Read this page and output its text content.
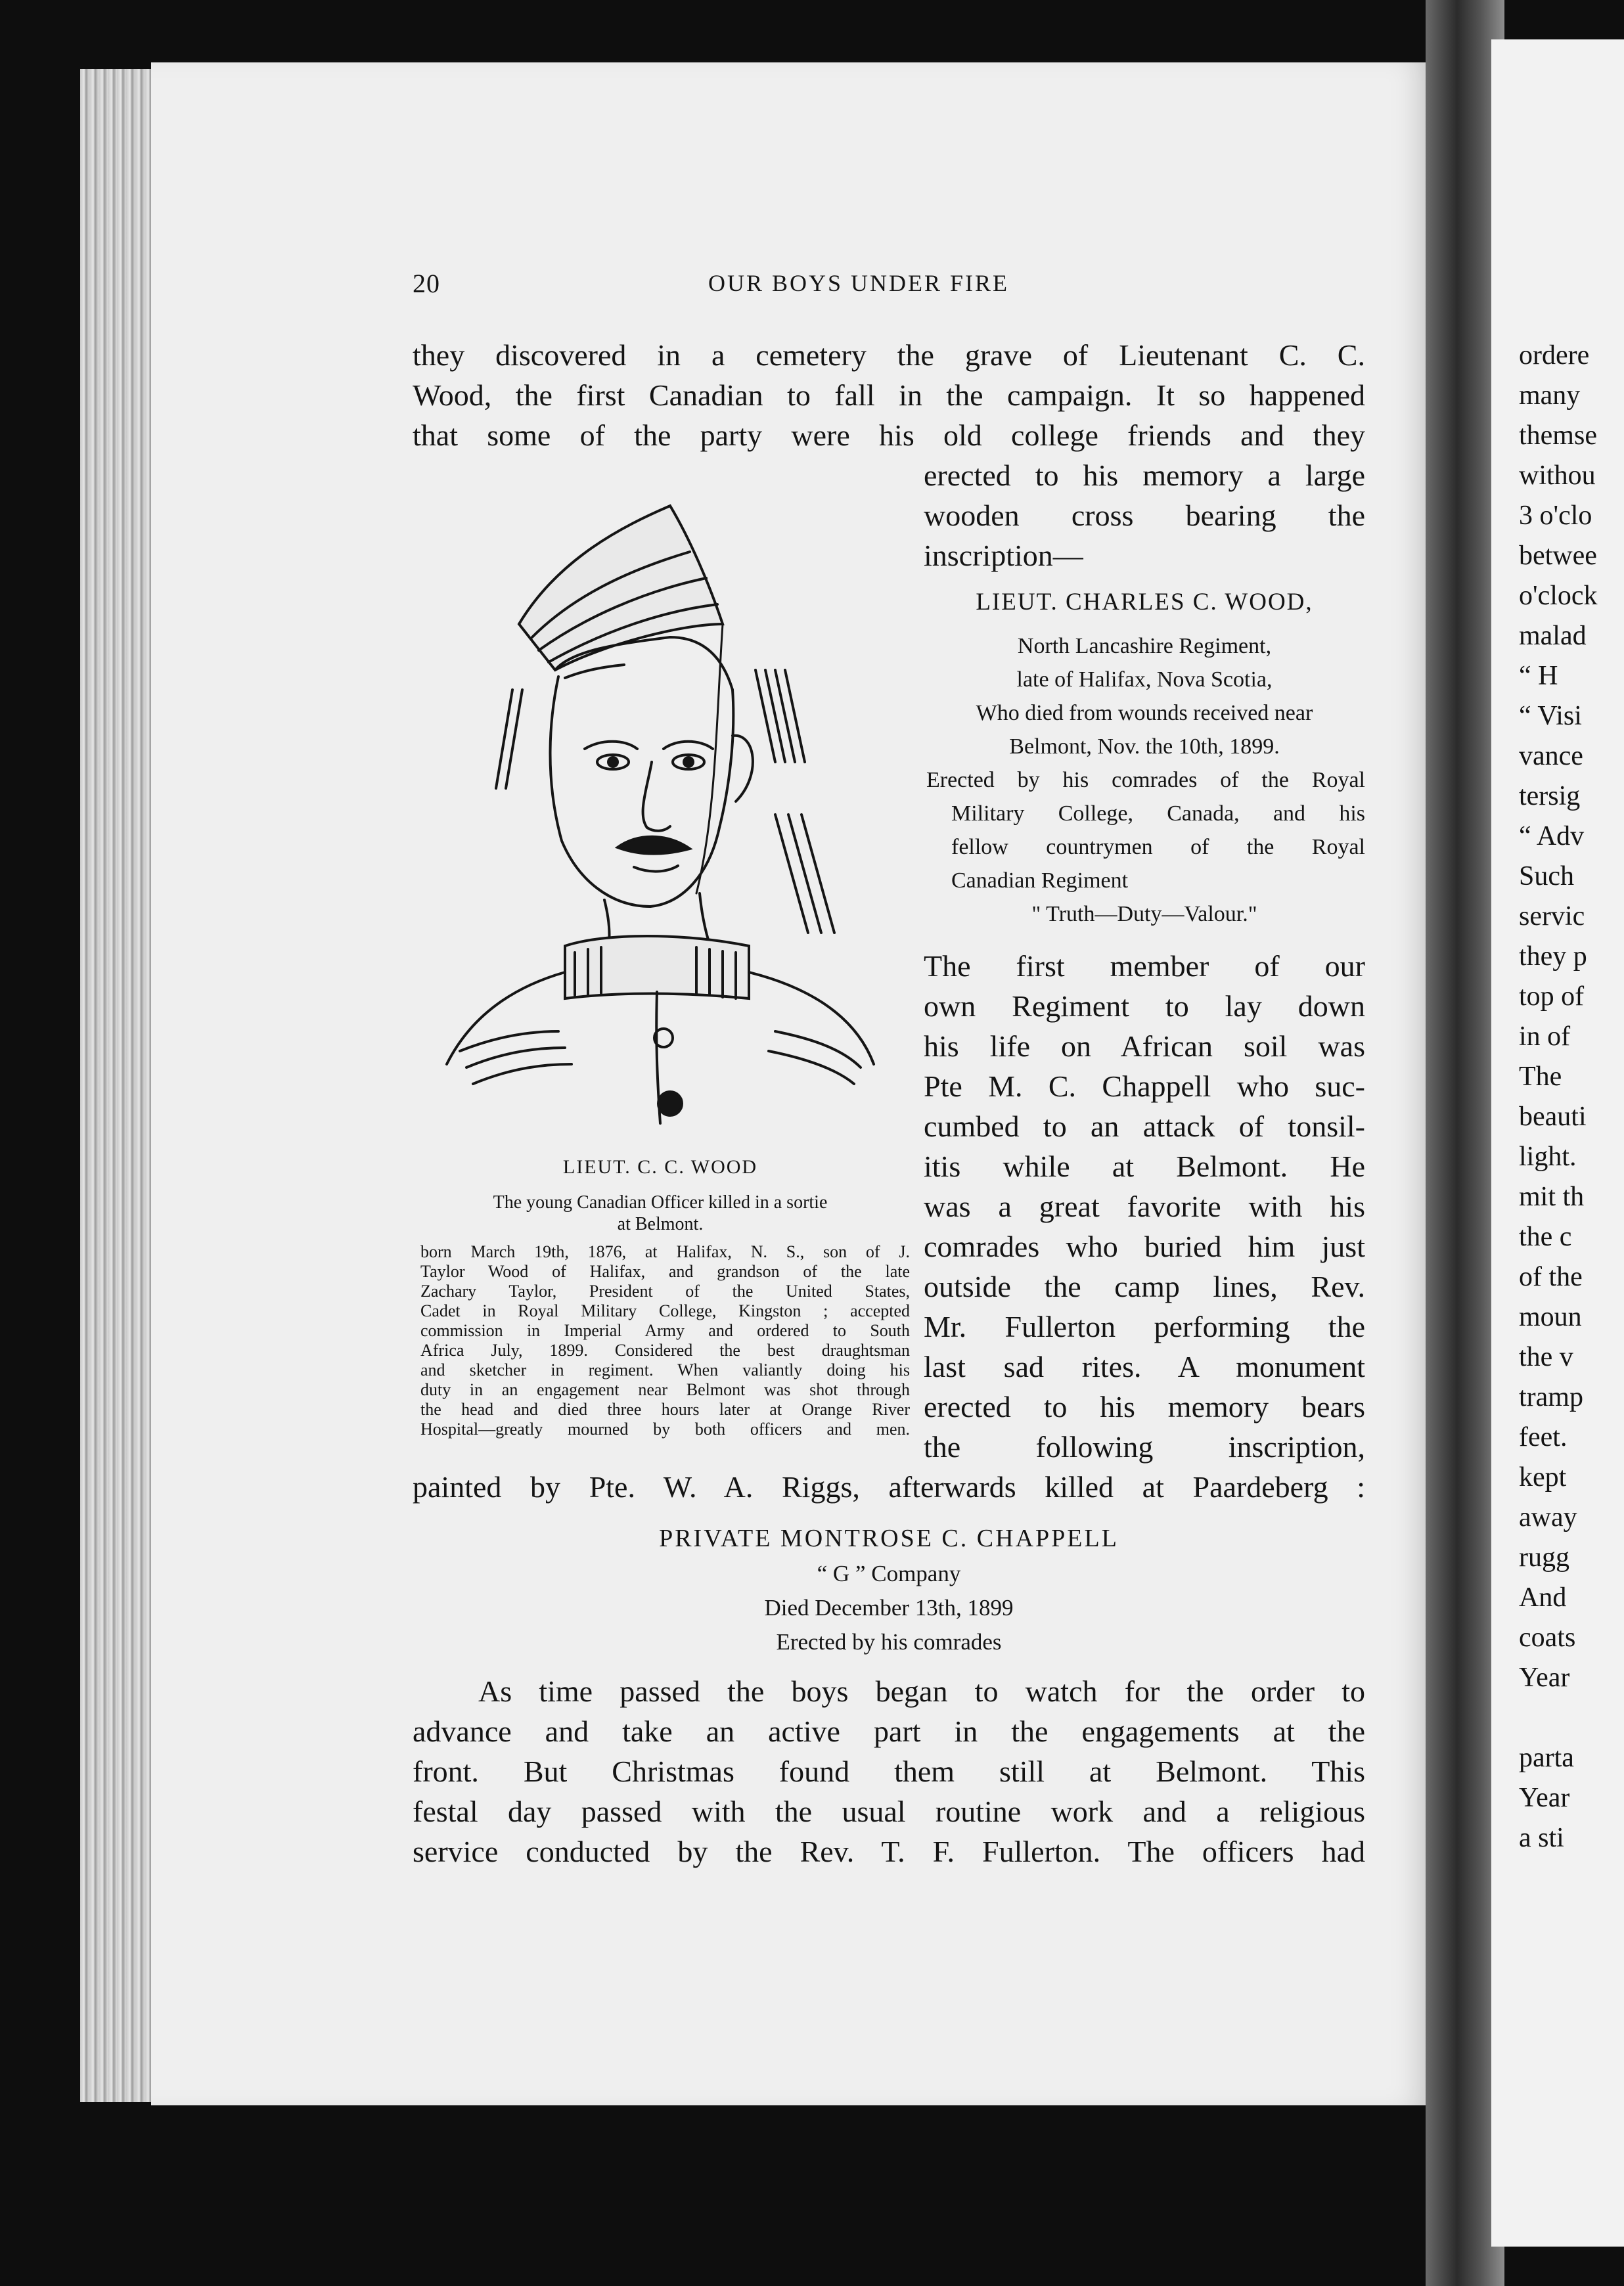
ordere
many
themse
withou
3 o'clo
betwee
o'clock
malad
“ H
“ Visi
vance
tersig
“ Adv
Such
servic
they p
top of
in of
The
beauti
light.
mit th
the c
of the
moun
the v
tramp
feet.
kept
away
rugg
And
coats
Year
parta
Year
a sti
20	OUR BOYS UNDER FIRE
they discovered in a cemetery the grave of Lieutenant C. C.
Wood, the first Canadian to fall in the campaign. It so happened
that some of the party were his old college friends and they
erected to his memory a large
wooden cross bearing the
inscription—
LIEUT. CHARLES C. WOOD,
North Lancashire Regiment,
late of Halifax, Nova Scotia,
Who died from wounds received near
Belmont, Nov. the 10th, 1899.
Erected by his comrades of the Royal
Military College, Canada, and his
fellow countrymen of the Royal
Canadian Regiment
" Truth—Duty—Valour."
The first member of our
own Regiment to lay down
his life on African soil was
Pte M. C. Chappell who suc-
cumbed to an attack of tonsil-
itis while at Belmont. He
was a great favorite with his
comrades who buried him just
outside the camp lines, Rev.
Mr. Fullerton performing the
last sad rites. A monument
erected to his memory bears
the following inscription,
painted by Pte. W. A. Riggs, afterwards killed at Paardeberg :
LIEUT. C. C. WOOD
The young Canadian Officer killed in a sortie
at Belmont.
born March 19th, 1876, at Halifax, N. S., son of J.
Taylor Wood of Halifax, and grandson of the late
Zachary Taylor, President of the United States,
Cadet in Royal Military College, Kingston ; accepted
commission in Imperial Army and ordered to South
Africa July, 1899. Considered the best draughtsman
and sketcher in regiment. When valiantly doing his
duty in an engagement near Belmont was shot through
the head and died three hours later at Orange River
Hospital—greatly mourned by both officers and men.
PRIVATE MONTROSE C. CHAPPELL
“ G ” Company
Died December 13th, 1899
Erected by his comrades
As time passed the boys began to watch for the order to
advance and take an active part in the engagements at the
front. But Christmas found them still at Belmont. This
festal day passed with the usual routine work and a religious
service conducted by the Rev. T. F. Fullerton. The officers had
